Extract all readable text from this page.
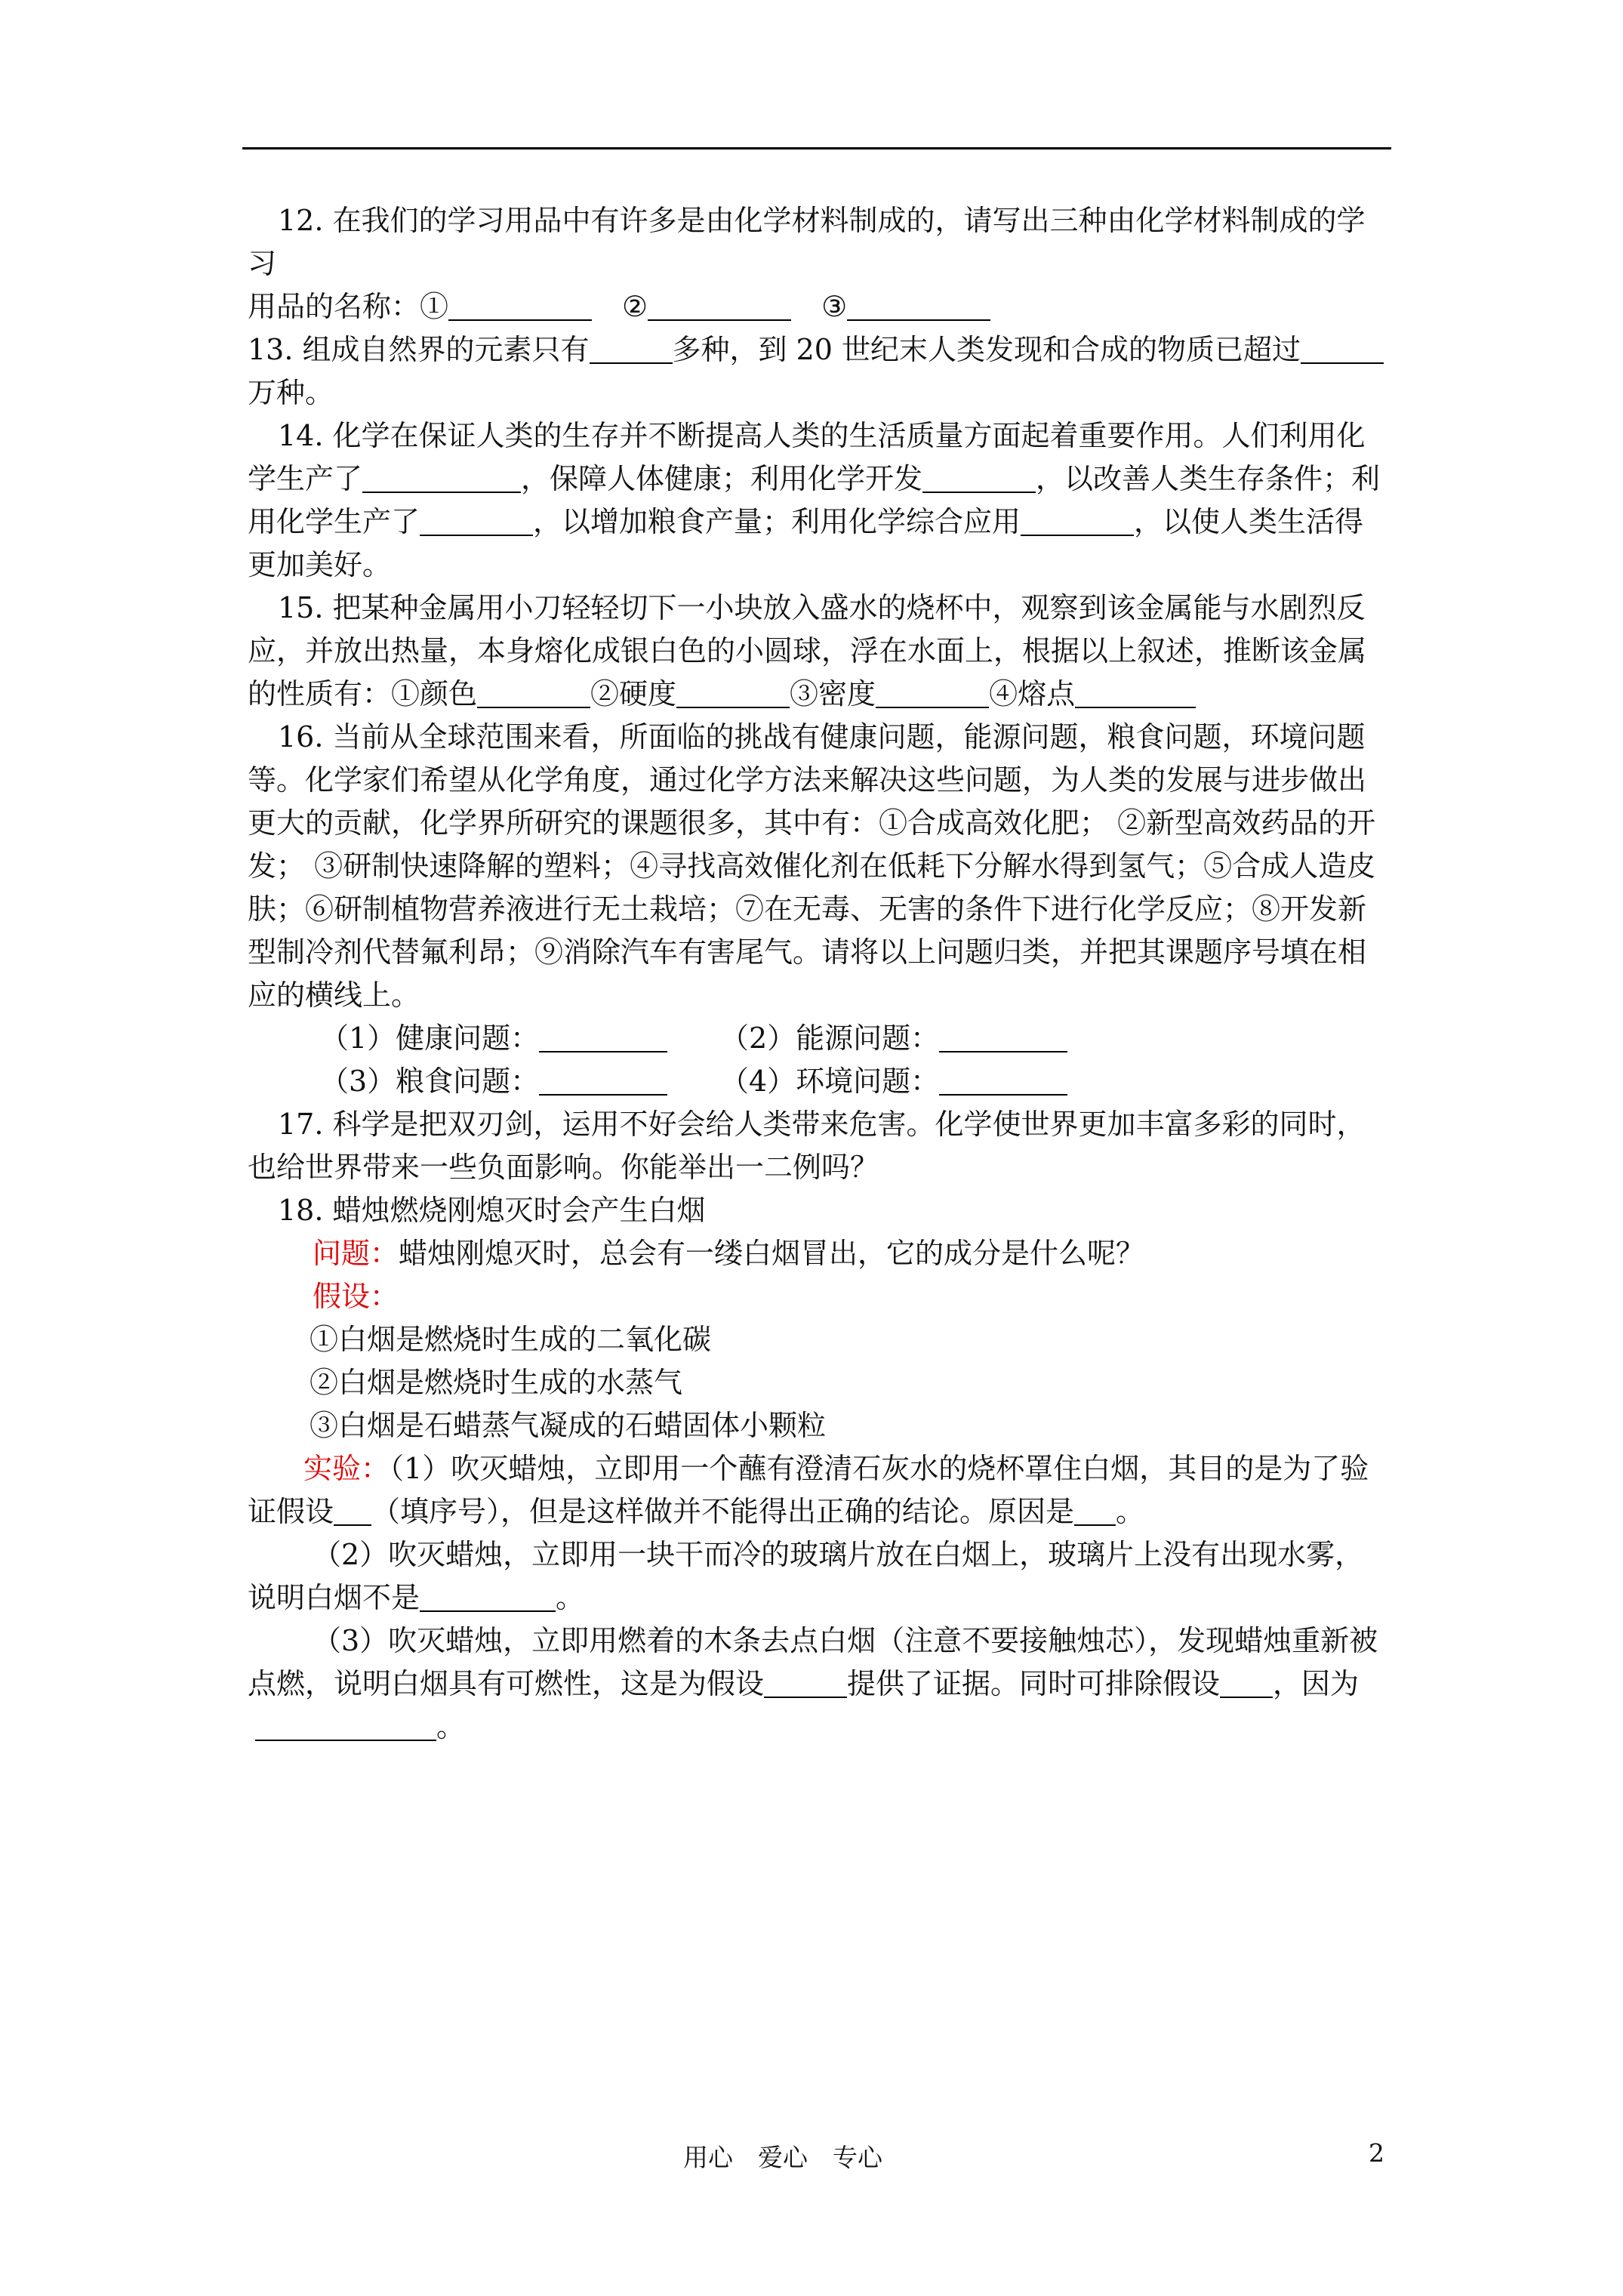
12. 在我们的学习用品中有许多是由化学材料制成的，请写出三种由化学材料制成的学习

用品的名称：①	②	③

13. 组成自然界的元素只有	多种，到 20 世纪末人类发现和合成的物质已超过万种。

14. 化学在保证人类的生存并不断提高人类的生活质量方面起着重要作用。人们利用化学生产了	，保障人体健康；利用化学开发	，以改善人类生存条件；利用化学生产了	，以增加粮食产量；利用化学综合应用	，以使人类生活得更加美好。

15. 把某种金属用小刀轻轻切下一小块放入盛水的烧杯中，观察到该金属能与水剧烈反应，并放出热量，本身熔化成银白色的小圆球，浮在水面上，根据以上叙述，推断该金属的性质有：①颜色	②硬度	③密度	④熔点

16. 当前从全球范围来看，所面临的挑战有健康问题，能源问题，粮食问题，环境问题等。化学家们希望从化学角度，通过化学方法来解决这些问题，为人类的发展与进步做出更大的贡献，化学界所研究的课题很多，其中有：①合成高效化肥； ②新型高效药品的开发； ③研制快速降解的塑料；④寻找高效催化剂在低耗下分解水得到氢气；⑤合成人造皮肤；⑥研制植物营养液进行无土栽培；⑦在无毒、无害的条件下进行化学反应；⑧开发新型制冷剂代替氟利昂；⑨消除汽车有害尾气。请将以上问题归类，并把其课题序号填在相应的横线上。

（1）健康问题：	（2）能源问题：
（3）粮食问题：	（4）环境问题：

17. 科学是把双刃剑，运用不好会给人类带来危害。化学使世界更加丰富多彩的同时，也给世界带来一些负面影响。你能举出一二例吗？

18. 蜡烛燃烧刚熄灭时会产生白烟

问题：蜡烛刚熄灭时，总会有一缕白烟冒出，它的成分是什么呢？

假设：

①白烟是燃烧时生成的二氧化碳

②白烟是燃烧时生成的水蒸气

③白烟是石蜡蒸气凝成的石蜡固体小颗粒

实验：（1）吹灭蜡烛，立即用一个蘸有澄清石灰水的烧杯罩住白烟，其目的是为了验证假设 （填序号），但是这样做并不能得出正确的结论。原因是 。

（2）吹灭蜡烛，立即用一块干而冷的玻璃片放在白烟上，玻璃片上没有出现水雾，说明白烟不是	。

（3）吹灭蜡烛，立即用燃着的木条去点白烟（注意不要接触烛芯），发现蜡烛重新被点燃，说明白烟具有可燃性，这是为假设	提供了证据。同时可排除假设 ，因为

。

用心　爱心　专心	2
